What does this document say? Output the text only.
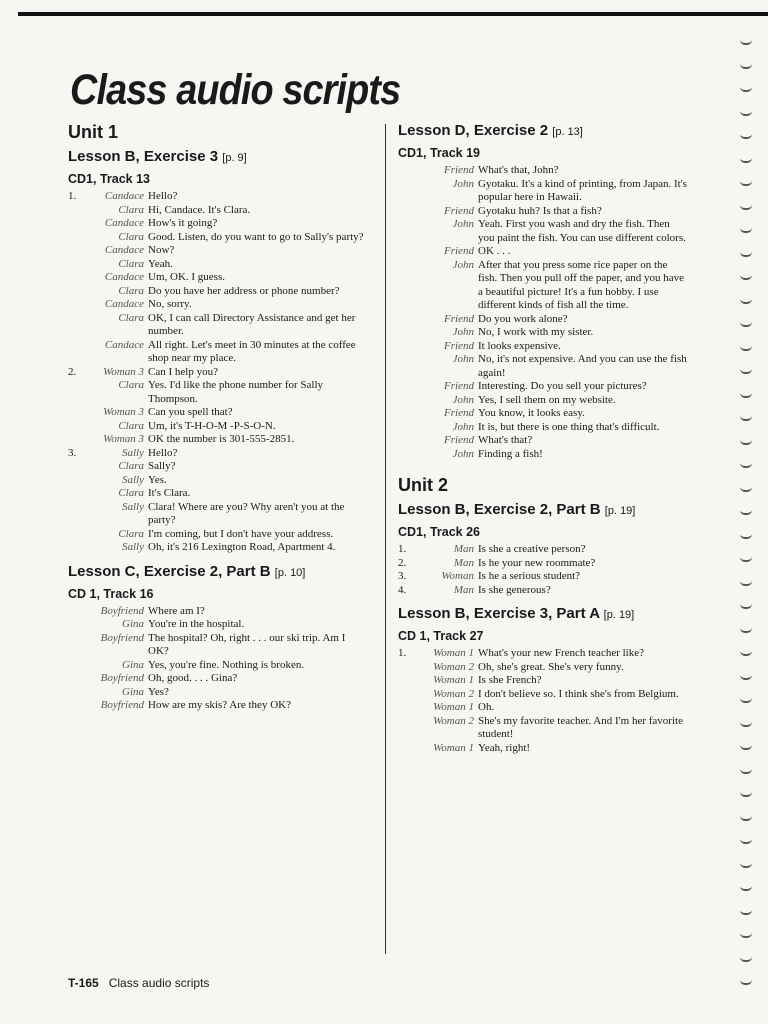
Class audio scripts
Unit 1
Lesson B, Exercise 3 [p. 9]
CD1, Track 13
1.	Candace Hello?
Clara Hi, Candace. It's Clara.
Candace How's it going?
Clara Good. Listen, do you want to go to Sally's party?
Candace Now?
Clara Yeah.
Candace Um, OK. I guess.
Clara Do you have her address or phone number?
Candace No, sorry.
Clara OK, I can call Directory Assistance and get her number.
Candace All right. Let's meet in 30 minutes at the coffee shop near my place.
2.	Woman 3 Can I help you?
Clara Yes. I'd like the phone number for Sally Thompson.
Woman 3 Can you spell that?
Clara Um, it's T-H-O-M -P-S-O-N.
Woman 3 OK the number is 301-555-2851.
3.	Sally Hello?
Clara Sally?
Sally Yes.
Clara It's Clara.
Sally Clara! Where are you? Why aren't you at the party?
Clara I'm coming, but I don't have your address.
Sally Oh, it's 216 Lexington Road, Apartment 4.
Lesson C, Exercise 2, Part B [p. 10]
CD 1, Track 16
Boyfriend Where am I?
Gina You're in the hospital.
Boyfriend The hospital? Oh, right . . . our ski trip. Am I OK?
Gina Yes, you're fine. Nothing is broken.
Boyfriend Oh, good. . . . Gina?
Gina Yes?
Boyfriend How are my skis? Are they OK?
Lesson D, Exercise 2 [p. 13]
CD1, Track 19
Friend What's that, John?
John Gyotaku. It's a kind of printing, from Japan. It's popular here in Hawaii.
Friend Gyotaku huh? Is that a fish?
John Yeah. First you wash and dry the fish. Then you paint the fish. You can use different colors.
Friend OK . . .
John After that you press some rice paper on the fish. Then you pull off the paper, and you have a beautiful picture! It's a fun hobby. I use different kinds of fish all the time.
Friend Do you work alone?
John No, I work with my sister.
Friend It looks expensive.
John No, it's not expensive. And you can use the fish again!
Friend Interesting. Do you sell your pictures?
John Yes, I sell them on my website.
Friend You know, it looks easy.
John It is, but there is one thing that's difficult.
Friend What's that?
John Finding a fish!
Unit 2
Lesson B, Exercise 2, Part B [p. 19]
CD1, Track 26
1.	Man Is she a creative person?
2.	Man Is he your new roommate?
3.	Woman Is he a serious student?
4.	Man Is she generous?
Lesson B, Exercise 3, Part A [p. 19]
CD 1, Track 27
1.	Woman 1 What's your new French teacher like?
Woman 2 Oh, she's great. She's very funny.
Woman 1 Is she French?
Woman 2 I don't believe so. I think she's from Belgium.
Woman 1 Oh.
Woman 2 She's my favorite teacher. And I'm her favorite student!
Woman 1 Yeah, right!
T-165 Class audio scripts
